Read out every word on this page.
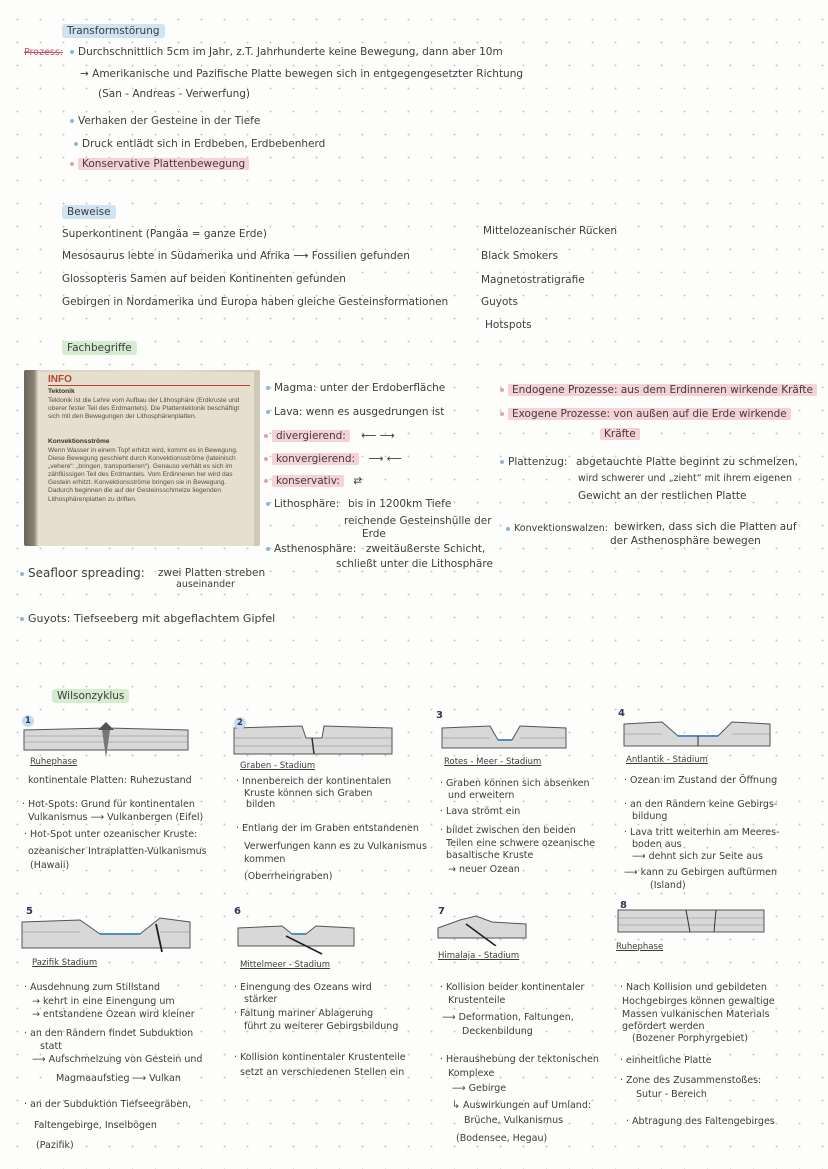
Transformstörung
Prozess:	Durchschnittlich 5cm im Jahr, z.T. Jahrhunderte keine Bewegung, dann aber 10m
→ Amerikanische und Pazifische Platte bewegen sich in entgegengesetzter Richtung
(San - Andreas - Verwerfung)
Verhaken der Gesteine in der Tiefe
Druck entlädt sich in Erdbeben, Erdbebenherd
Konservative Plattenbewegung
Beweise
Superkontinent (Pangäa = ganze Erde)
Mesosaurus lebte in Südamerika und Afrika ⟶ Fossilien gefunden
Glossopteris Samen auf beiden Kontinenten gefunden
Gebirgen in Nordamerika und Europa haben gleiche Gesteinsformationen
Mittelozeanischer Rücken
Black Smokers
Magnetostratigrafie
Guyots
Hotspots
Fachbegriffe
INFO
Tektonik
Tektonik ist die Lehre vom Aufbau der Lithosphäre (Erdkruste und oberer fester Teil des Erdmantels). Die Plattentektonik beschäftigt sich mit den Bewegungen der Lithosphärenplatten.
Konvektionsströme
Wenn Wasser in einem Topf erhitzt wird, kommt es in Bewegung. Diese Bewegung geschieht durch Konvektionsströme (lateinisch „vehere“: „bringen, transportieren“). Genauso verhält es sich im zähflüssigen Teil des Erdmantels. Vom Erdinneren her wird das Gestein erhitzt. Konvektionsströme bringen sie in Bewegung. Dadurch beginnen die auf der Gesteinsschmelze liegenden Lithosphärenplatten zu driften.
Magma: unter der Erdoberfläche
Lava: wenn es ausgedrungen ist
divergierend: ⟵ ⟶
konvergierend: ⟶ ⟵
konservativ: ⇄
Lithosphäre: bis in 1200km Tiefe
reichende Gesteinshülle der
Erde
Asthenosphäre: zweitäußerste Schicht,
schließt unter die Lithosphäre
Endogene Prozesse: aus dem Erdinneren wirkende Kräfte
Exogene Prozesse: von außen auf die Erde wirkende
Kräfte
Plattenzug: abgetauchte Platte beginnt zu schmelzen,
wird schwerer und „zieht“ mit ihrem eigenen
Gewicht an der restlichen Platte
Konvektionswalzen: bewirken, dass sich die Platten auf
der Asthenosphäre bewegen
Seafloor spreading: zwei Platten streben
auseinander
Guyots: Tiefseeberg mit abgeflachtem Gipfel
Wilsonzyklus
1	2
3	4
5	6	7
8
Ruhephase	Graben - Stadium	Rotes - Meer - Stadium	Antlantik - Stadium
Pazifik Stadium	Mittelmeer - Stadium
Himalaja - Stadium
Ruhephase
kontinentale Platten: Ruhezustand
· Hot-Spots: Grund für kontinentalen
Vulkanismus ⟶ Vulkanbergen (Eifel)
· Hot-Spot unter ozeanischer Kruste:
ozeanischer Intraplatten-Vulkanismus
(Hawaii)
· Innenbereich der kontinentalen
Kruste können sich Graben
bilden
· Entlang der im Graben entstandenen
Verwerfungen kann es zu Vulkanismus
kommen
(Oberrheingraben)
· Graben können sich absenken
und erweitern
· Lava strömt ein
· bildet zwischen den beiden
Teilen eine schwere ozeanische
basaltische Kruste
→ neuer Ozean
· Ozean im Zustand der Öffnung
· an den Rändern keine Gebirgs-
bildung
· Lava tritt weiterhin am Meeres-
boden aus
⟶ dehnt sich zur Seite aus
⟶ kann zu Gebirgen auftürmen
(Island)
· Ausdehnung zum Stillstand
→ kehrt in eine Einengung um
→ entstandene Ozean wird kleiner
· an den Rändern findet Subduktion
statt
⟶ Aufschmelzung von Gestein und
Magmaaufstieg ⟶ Vulkan
· an der Subduktion Tiefseegräben,
Faltengebirge, Inselbögen
(Pazifik)
· Einengung des Ozeans wird
stärker
· Faltung mariner Ablagerung
führt zu weiterer Gebirgsbildung
· Kollision kontinentaler Krustenteile
setzt an verschiedenen Stellen ein
· Kollision beider kontinentaler
Krustenteile
⟶ Deformation, Faltungen,
Deckenbildung
· Heraushebung der tektonischen
Komplexe
⟶ Gebirge
↳ Auswirkungen auf Umland:
Brüche, Vulkanismus
(Bodensee, Hegau)
· Nach Kollision und gebildeten
Hochgebirges können gewaltige
Massen vulkanischen Materials
gefördert werden
(Bozener Porphyrgebiet)
· einheitliche Platte
· Zone des Zusammenstoßes:
Sutur - Bereich
· Abtragung des Faltengebirges
